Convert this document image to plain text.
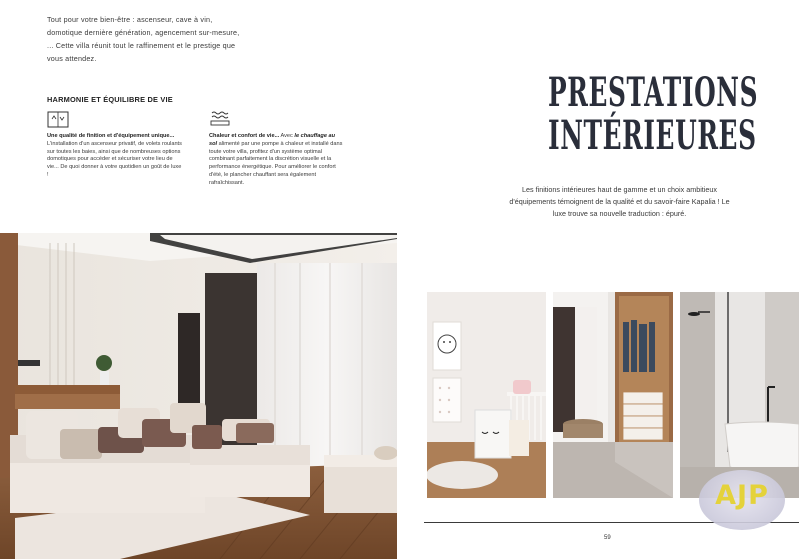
Tout pour votre bien-être : ascenseur, cave à vin, domotique dernière génération, agencement sur-mesure, ... Cette villa réunit tout le raffinement et le prestige que vous attendez.

HARMONIE ET ÉQUILIBRE DE VIE
Une qualité de finition et d'équipement unique... L'installation d'un ascenseur privatif, de volets roulants sur toutes les baies, ainsi que de nombreuses options domotiques pour accéder et sécuriser votre lieu de vie... De quoi donner à votre quotidien un goût de luxe !
Chaleur et confort de vie... Avec le chauffage au sol alimenté par une pompe à chaleur et installé dans toute votre villa, profitez d'un système optimal combinant parfaitement la discrétion visuelle et la performance énergétique. Pour améliorer le confort d'été, le plancher chauffant sera également rafraîchissant.
PRESTATIONS
INTÉRIEURES

Les finitions intérieures haut de gamme et un choix ambitieux d'équipements témoignent de la qualité et du savoir-faire Kapalia ! Le luxe trouve sa nouvelle traduction : épuré.

59
AJP
